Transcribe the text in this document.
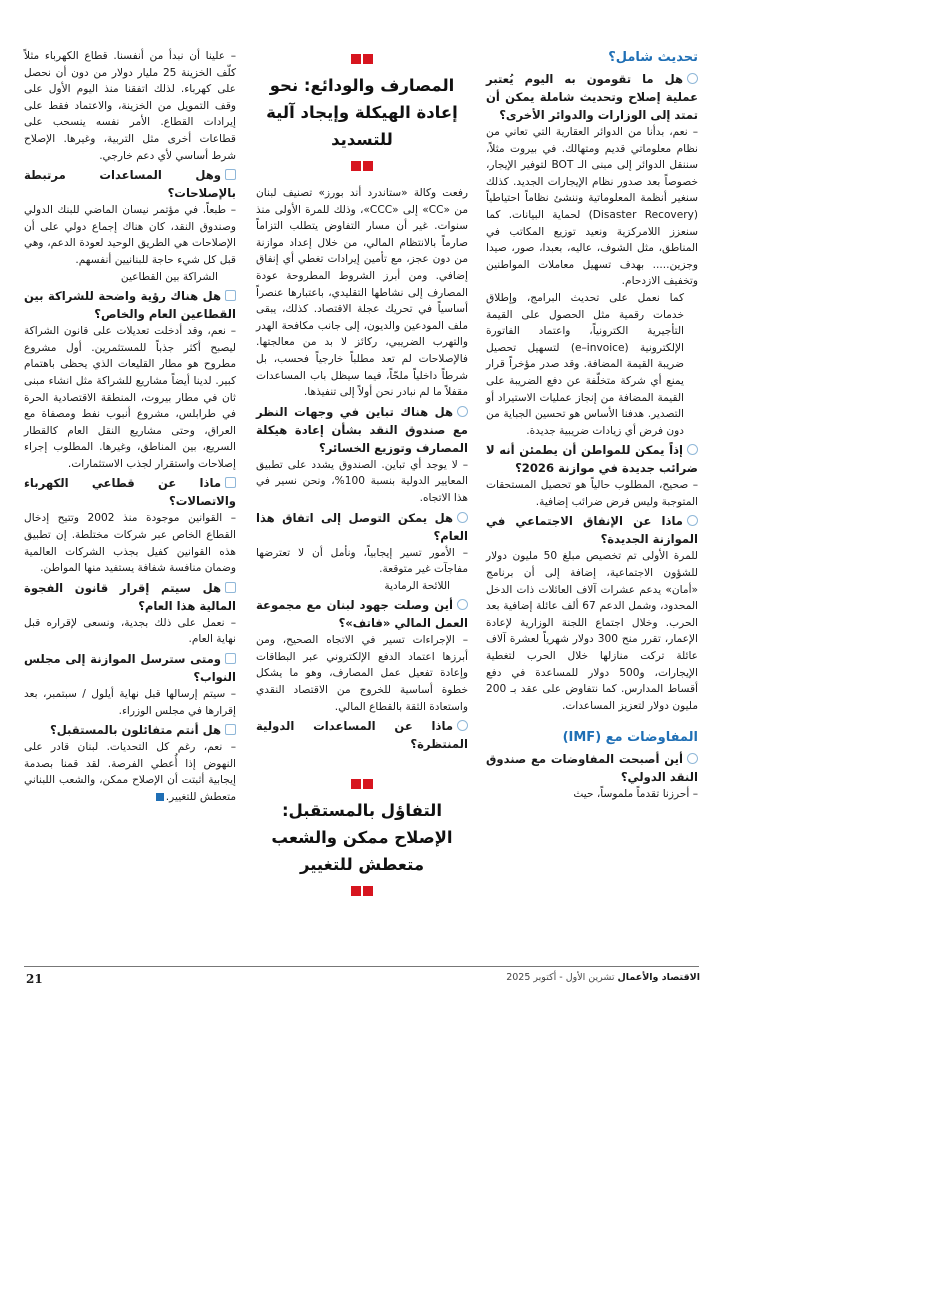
تحديث شامل؟

هل ما تقومون به اليوم يُعتبر عملية إصلاح وتحديث شاملة يمكن أن تمتد إلى الوزارات والدوائر الأخرى؟

– نعم، بدأنا من الدوائر العقارية التي تعاني من نظام معلوماتي قديم ومتهالك. في بيروت مثلاً، سننقل الدوائر إلى مبنى الـ BOT لتوفير الإيجار، خصوصاً بعد صدور نظام الإيجارات الجديد. كذلك سنغير أنظمة المعلوماتية وننشئ نظاماً احتياطياً (Disaster Recovery) لحماية البيانات. كما سنعزز اللامركزية ونعيد توزيع المكاتب في المناطق، مثل الشوف، عاليه، بعبدا، صور، صيدا وجزين..... بهدف تسهيل معاملات المواطنين وتخفيف الازدحام.

كما نعمل على تحديث البرامج، وإطلاق خدمات رقمية مثل الحصول على القيمة التأجيرية الكترونياً، واعتماد الفاتورة الإلكترونية (e–invoice) لتسهيل تحصيل ضريبة القيمة المضافة. وقد صدر مؤخراً قرار يمنع أي شركة متخلّفة عن دفع الضريبة على القيمة المضافة من إنجاز عمليات الاستيراد أو التصدير. هدفنا الأساس هو تحسين الجباية من دون فرض أي زيادات ضريبية جديدة.

إذاً يمكن للمواطن أن يطمئن أنه لا ضرائب جديدة في موازنة 2026؟

– صحيح، المطلوب حالياً هو تحصيل المستحقات المتوجبة وليس فرض ضرائب إضافية.

ماذا عن الإنفاق الاجتماعي في الموازنة الجديدة؟

للمرة الأولى تم تخصيص مبلغ 50 مليون دولار للشؤون الاجتماعية، إضافة إلى أن برنامج «أمان» يدعم عشرات آلاف العائلات ذات الدخل المحدود، وشمل الدعم 67 ألف عائلة إضافية بعد الحرب. وخلال اجتماع اللجنة الوزارية لإعادة الإعمار، تقرر منح 300 دولار شهرياً لعشرة آلاف عائلة تركت منازلها خلال الحرب لتغطية الإيجارات، و500 دولار للمساعدة في دفع أقساط المدارس. كما نتفاوض على عقد بـ 200 مليون دولار لتعزيز المساعدات.

المفاوضات مع (IMF)

أين أصبحت المفاوضات مع صندوق النقد الدولي؟

– أحرزنا تقدماً ملموساً، حيث

المصارف والودائع: نحو إعادة الهيكلة وإيجاد آلية للتسديد

رفعت وكالة «ستاندرد أند بورز» تصنيف لبنان من «CC» إلى «CCC»، وذلك للمرة الأولى منذ سنوات. غير أن مسار التفاوض يتطلب التزاماً صارماً بالانتظام المالي، من خلال إعداد موازنة من دون عجز، مع تأمين إيرادات تغطي أي إنفاق إضافي. ومن أبرز الشروط المطروحة عودة المصارف إلى نشاطها التقليدي، باعتبارها عنصراً أساسياً في تحريك عجلة الاقتصاد. كذلك، يبقى ملف المودعين والديون، إلى جانب مكافحة الهدر والتهرب الضريبي، ركائز لا بد من معالجتها. فالإصلاحات لم تعد مطلباً خارجياً فحسب، بل شرطاً داخلياً ملحّاً، فيما سيظل باب المساعدات مقفلاً ما لم نبادر نحن أولاً إلى تنفيذها.

هل هناك تباين في وجهات النظر مع صندوق النقد بشأن إعادة هيكلة المصارف وتوزيع الخسائر؟

– لا يوجد أي تباين. الصندوق يشدد على تطبيق المعايير الدولية بنسبة 100%، ونحن نسير في هذا الاتجاه.

هل يمكن التوصل إلى اتفاق هذا العام؟

– الأمور تسير إيجابياً، ونأمل أن لا تعترضها مفاجآت غير متوقعة.

اللائحة الرمادية

أين وصلت جهود لبنان مع مجموعة العمل المالي «فاتف»؟

– الإجراءات تسير في الاتجاه الصحيح، ومن أبرزها اعتماد الدفع الإلكتروني عبر البطاقات وإعادة تفعيل عمل المصارف، وهو ما يشكل خطوة أساسية للخروج من الاقتصاد النقدي واستعادة الثقة بالقطاع المالي.

ماذا عن المساعدات الدولية المنتظرة؟

التفاؤل بالمستقبل: الإصلاح ممكن والشعب متعطش للتغيير

– علينا أن نبدأ من أنفسنا. قطاع الكهرباء مثلاً كلّف الخزينة 25 مليار دولار من دون أن نحصل على كهرباء. لذلك اتفقنا منذ اليوم الأول على وقف التمويل من الخزينة، والاعتماد فقط على إيرادات القطاع. الأمر نفسه ينسحب على قطاعات أخرى مثل التربية، وغيرها. الإصلاح شرط أساسي لأي دعم خارجي.

وهل المساعدات مرتبطة بالإصلاحات؟

– طبعاً. في مؤتمر نيسان الماضي للبنك الدولي وصندوق النقد، كان هناك إجماع دولي على أن الإصلاحات هي الطريق الوحيد لعودة الدعم، وهي قبل كل شيء حاجة للبنانيين أنفسهم.

الشراكة بين القطاعين

هل هناك رؤية واضحة للشراكة بين القطاعين العام والخاص؟

– نعم، وقد أدخلت تعديلات على قانون الشراكة ليصبح أكثر جذباً للمستثمرين. أول مشروع مطروح هو مطار القليعات الذي يحظى باهتمام كبير. لدينا أيضاً مشاريع للشراكة مثل انشاء مبنى ثان في مطار بيروت، المنطقة الاقتصادية الحرة في طرابلس، مشروع أنبوب نفط ومصفاة مع العراق، وحتى مشاريع النقل العام كالقطار السريع، بين المناطق، وغيرها. المطلوب إجراء إصلاحات واستقرار لجذب الاستثمارات.

ماذا عن قطاعي الكهرباء والاتصالات؟

– القوانين موجودة منذ 2002 وتتيح إدخال القطاع الخاص عبر شركات مختلطة. إن تطبيق هذه القوانين كفيل بجذب الشركات العالمية وضمان منافسة شفافة يستفيد منها المواطن.

هل سيتم إقرار قانون الفجوة المالية هذا العام؟

– نعمل على ذلك بجدية، ونسعى لإقراره قبل نهاية العام.

ومتى سترسل الموازنة إلى مجلس النواب؟

– سيتم إرسالها قبل نهاية أيلول / سبتمبر، بعد إقرارها في مجلس الوزراء.

هل أنتم متفائلون بالمستقبل؟

– نعم، رغم كل التحديات. لبنان قادر على النهوض إذا أُعطي الفرصة. لقد قمنا بصدمة إيجابية أثبتت أن الإصلاح ممكن، والشعب اللبناني متعطش للتغيير.

21	الاقتصاد والأعمال تشرين الأول - أكتوبر 2025
